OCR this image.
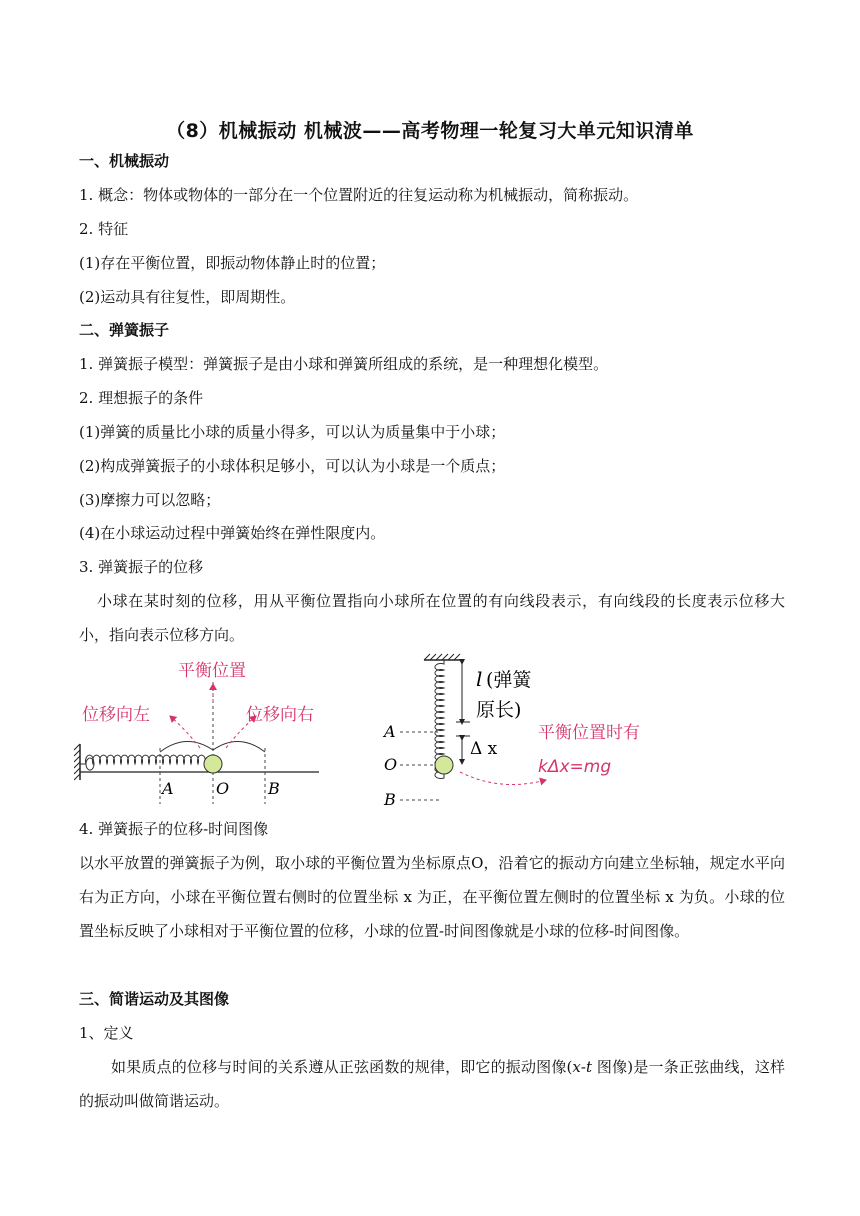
（8）机械振动 机械波——高考物理一轮复习大单元知识清单
一、机械振动
1. 概念：物体或物体的一部分在一个位置附近的往复运动称为机械振动，简称振动。
2. 特征
(1)存在平衡位置，即振动物体静止时的位置；
(2)运动具有往复性，即周期性。
二、弹簧振子
1. 弹簧振子模型：弹簧振子是由小球和弹簧所组成的系统，是一种理想化模型。
2. 理想振子的条件
(1)弹簧的质量比小球的质量小得多，可以认为质量集中于小球；
(2)构成弹簧振子的小球体积足够小，可以认为小球是一个质点；
(3)摩擦力可以忽略；
(4)在小球运动过程中弹簧始终在弹性限度内。
3. 弹簧振子的位移
小球在某时刻的位移，用从平衡位置指向小球所在位置的有向线段表示，有向线段的长度表示位移大小，指向表示位移方向。
平衡位置
位移向左	位移向右
A	O B
A
O
B
l (弹簧
原长)
Δ x
平衡位置时有
kΔx=mg
4. 弹簧振子的位移-时间图像
以水平放置的弹簧振子为例，取小球的平衡位置为坐标原点O，沿着它的振动方向建立坐标轴，规定水平向右为正方向，小球在平衡位置右侧时的位置坐标 x 为正，在平衡位置左侧时的位置坐标 x 为负。小球的位置坐标反映了小球相对于平衡位置的位移，小球的位置-时间图像就是小球的位移-时间图像。
三、简谐运动及其图像
1、定义
如果质点的位移与时间的关系遵从正弦函数的规律，即它的振动图像(x-t 图像)是一条正弦曲线，这样的振动叫做简谐运动。
